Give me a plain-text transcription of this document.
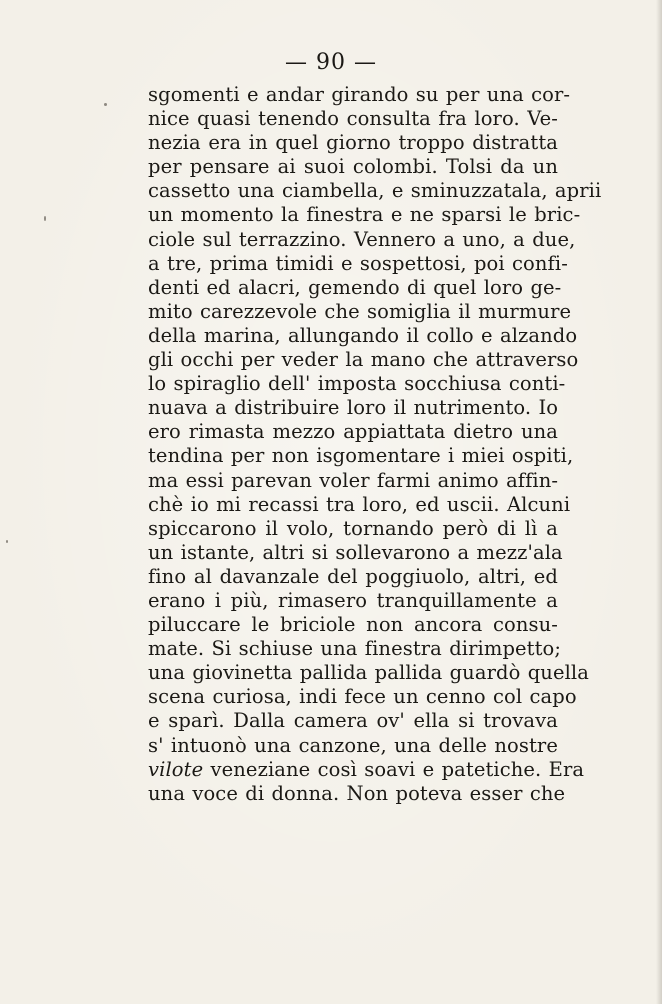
— 90 —
sgomenti e andar girando su per una cor-
nice quasi tenendo consulta fra loro. Ve-
nezia era in quel giorno troppo distratta
per pensare ai suoi colombi. Tolsi da un
cassetto una ciambella, e sminuzzatala, aprii
un momento la finestra e ne sparsi le bric-
ciole sul terrazzino. Vennero a uno, a due,
a tre, prima timidi e sospettosi, poi confi-
denti ed alacri, gemendo di quel loro ge-
mito carezzevole che somiglia il murmure
della marina, allungando il collo e alzando
gli occhi per veder la mano che attraverso
lo spiraglio dell' imposta socchiusa conti-
nuava a distribuire loro il nutrimento. Io
ero rimasta mezzo appiattata dietro una
tendina per non isgomentare i miei ospiti,
ma essi parevan voler farmi animo affin-
chè io mi recassi tra loro, ed uscii. Alcuni
spiccarono il volo, tornando però di lì a
un istante, altri si sollevarono a mezz'ala
fino al davanzale del poggiuolo, altri, ed
erano i più, rimasero tranquillamente a
piluccare le briciole non ancora consu-
mate. Si schiuse una finestra dirimpetto;
una giovinetta pallida pallida guardò quella
scena curiosa, indi fece un cenno col capo
e sparì. Dalla camera ov' ella si trovava
s' intuonò una canzone, una delle nostre
vilote veneziane così soavi e patetiche. Era
una voce di donna. Non poteva esser che
